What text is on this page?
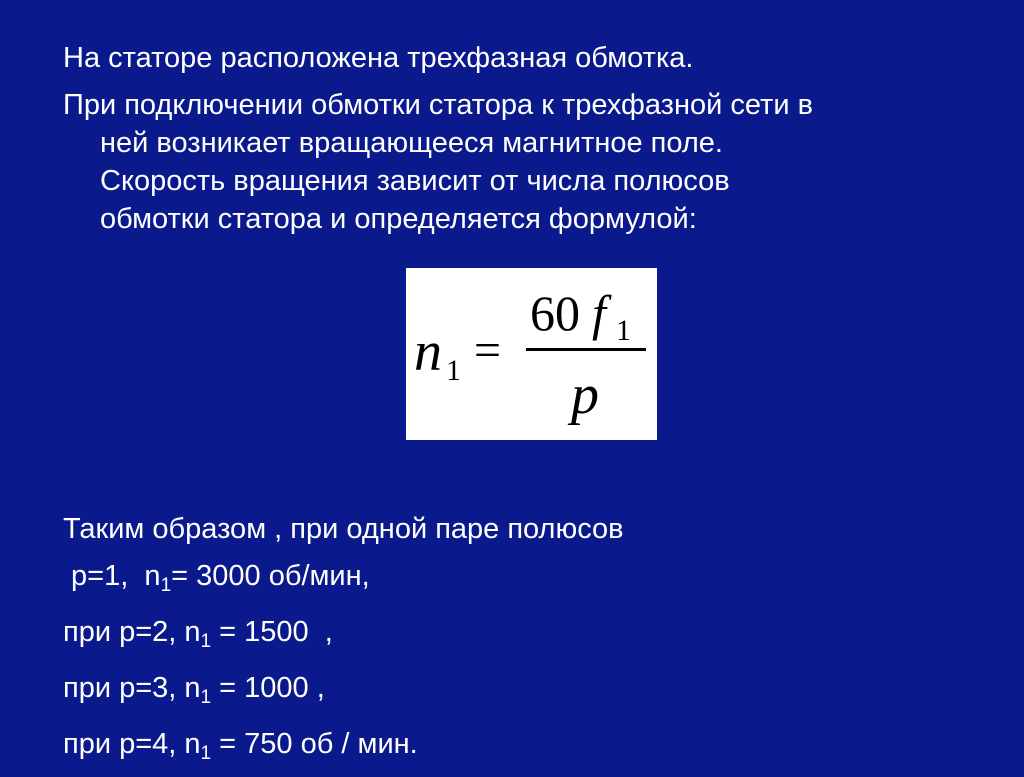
На статоре расположена трехфазная обмотка.
При подключении обмотки статора к трехфазной сети в
ней возникает вращающееся магнитное поле.
Скорость вращения зависит от числа полюсов
обмотки статора и определяется формулой:
n 1 =
60 f 1
p
Таким образом , при одной паре полюсов
p=1,  $n_1= 3000$ об/мин,
при p=2, $n_1 = 1500$  ,
при p=3, $n_1 = 1000$ ,
при p=4, $n_1 = 750$ об / мин.
